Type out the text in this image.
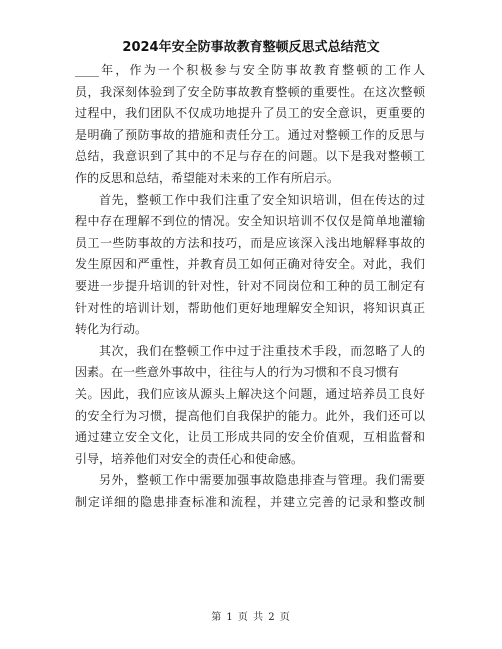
2024年安全防事故教育整顿反思式总结范文
____年，作为一个积极参与安全防事故教育整顿的工作人
员，我深刻体验到了安全防事故教育整顿的重要性。在这次整顿
过程中，我们团队不仅成功地提升了员工的安全意识，更重要的
是明确了预防事故的措施和责任分工。通过对整顿工作的反思与
总结，我意识到了其中的不足与存在的问题。以下是我对整顿工
作的反思和总结，希望能对未来的工作有所启示。
首先，整顿工作中我们注重了安全知识培训，但在传达的过
程中存在理解不到位的情况。安全知识培训不仅仅是简单地灌输
员工一些防事故的方法和技巧，而是应该深入浅出地解释事故的
发生原因和严重性，并教育员工如何正确对待安全。对此，我们
要进一步提升培训的针对性，针对不同岗位和工种的员工制定有
针对性的培训计划，帮助他们更好地理解安全知识，将知识真正
转化为行动。
其次，我们在整顿工作中过于注重技术手段，而忽略了人的
因素。在一些意外事故中，往往与人的行为习惯和不良习惯有
关。因此，我们应该从源头上解决这个问题，通过培养员工良好
的安全行为习惯，提高他们自我保护的能力。此外，我们还可以
通过建立安全文化，让员工形成共同的安全价值观，互相监督和
引导，培养他们对安全的责任心和使命感。
另外，整顿工作中需要加强事故隐患排查与管理。我们需要
制定详细的隐患排查标准和流程，并建立完善的记录和整改制
第 1 页 共 2 页
